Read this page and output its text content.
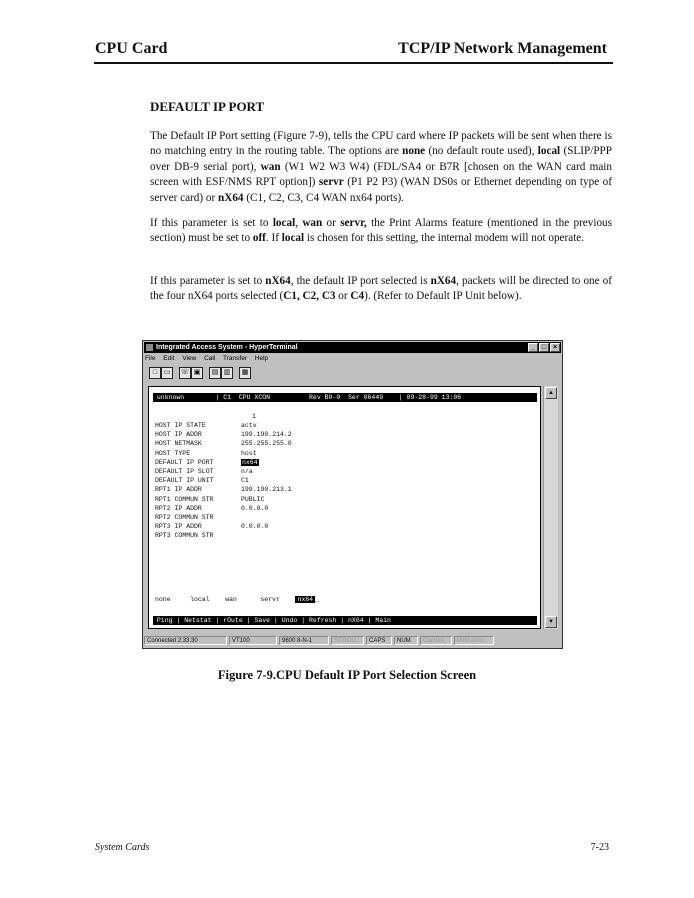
CPU Card	TCP/IP Network Management
DEFAULT IP PORT

The Default IP Port setting (Figure 7-9), tells the CPU card where IP packets will be sent when there is no matching entry in the routing table. The options are none (no default route used), local (SLIP/PPP over DB-9 serial port), wan (W1 W2 W3 W4) (FDL/SA4 or B7R [chosen on the WAN card main screen with ESF/NMS RPT option]) servr (P1 P2 P3) (WAN DS0s or Ethernet depending on type of server card) or nX64 (C1, C2, C3, C4 WAN nx64 ports).

If this parameter is set to local, wan or servr, the Print Alarms feature (mentioned in the previous section) must be set to off. If local is chosen for this setting, the internal modem will not operate.

If this parameter is set to nX64, the default IP port selected is nX64, packets will be directed to one of the four nX64 ports selected (C1, C2, C3 or C4). (Refer to Default IP Unit below).

Integrated Access System - HyperTerminal	_ □ ×
File Edit View Call Transfer Help
□ ▭	☏ ▣	▤ ▥	▦
unknown        | C1  CPU XCON          Rev B0-0  Ser 06449    | 09-28-99 13:06
1
HOST IP STATE	actv
HOST IP ADDR	199.190.214.2
HOST NETMASK	255.255.255.0
HOST TYPE	host
DEFAULT IP PORT	nx64
DEFAULT IP SLOT	n/a
DEFAULT IP UNIT	C1
RPT1 IP ADDR	199.190.213.1
RPT1 COMMUN STR	PUBLIC
RPT2 IP ADDR	0.0.0.0
RPT2 COMMUN STR
RPT3 IP ADDR	0.0.0.0
RPT3 COMMUN STR
none	local wan	servr	nx64 _
Ping | Netstat | rOute | Save | Undo | Refresh | nX64 | Main
▲
▼
Connected 2:33:30	VT100	9600 8-N-1	SCROLL	CAPS	NUM	Capture	Print echo
Figure 7-9.CPU Default IP Port Selection Screen
System Cards	7-23
